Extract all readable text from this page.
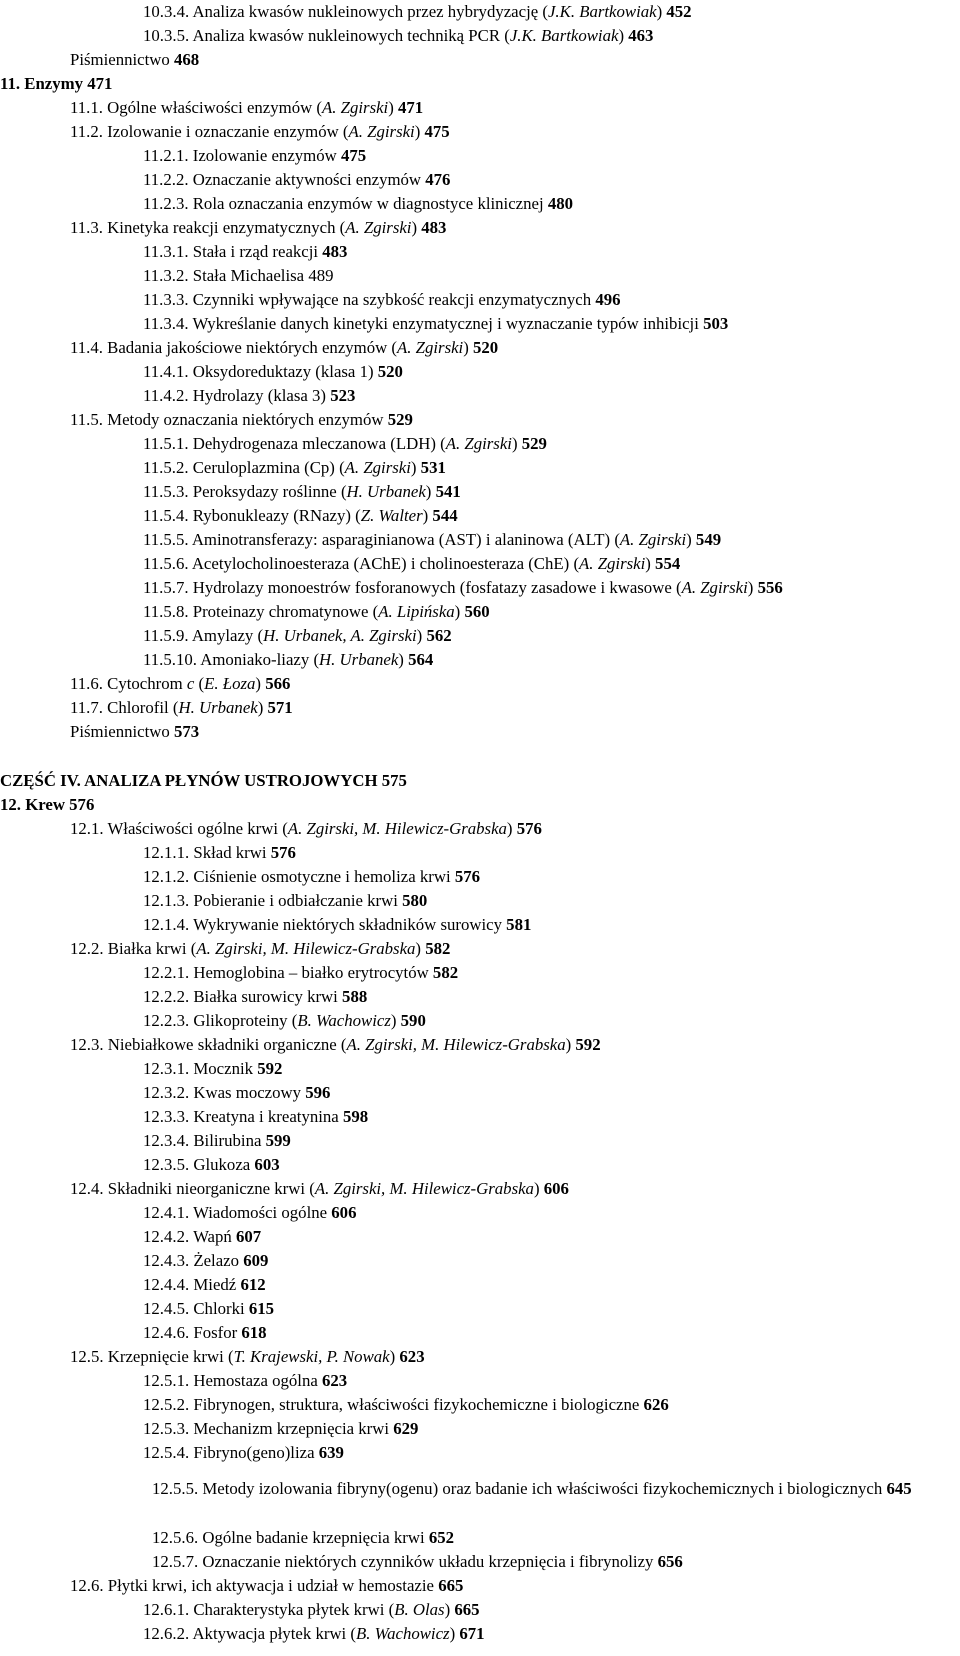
10.3.4. Analiza kwasów nukleinowych przez hybrydyzację (J.K. Bartkowiak) 452
10.3.5. Analiza kwasów nukleinowych techniką PCR (J.K. Bartkowiak) 463
Piśmiennictwo 468
11. Enzymy 471
11.1. Ogólne właściwości enzymów (A. Zgirski) 471
11.2. Izolowanie i oznaczanie enzymów (A. Zgirski) 475
11.2.1. Izolowanie enzymów 475
11.2.2. Oznaczanie aktywności enzymów 476
11.2.3. Rola oznaczania enzymów w diagnostyce klinicznej 480
11.3. Kinetyka reakcji enzymatycznych (A. Zgirski) 483
11.3.1. Stała i rząd reakcji 483
11.3.2. Stała Michaelisa 489
11.3.3. Czynniki wpływające na szybkość reakcji enzymatycznych 496
11.3.4. Wykreślanie danych kinetyki enzymatycznej i wyznaczanie typów inhibicji 503
11.4. Badania jakościowe niektórych enzymów (A. Zgirski) 520
11.4.1. Oksydoreduktazy (klasa 1) 520
11.4.2. Hydrolazy (klasa 3) 523
11.5. Metody oznaczania niektórych enzymów 529
11.5.1. Dehydrogenaza mleczanowa (LDH) (A. Zgirski) 529
11.5.2. Ceruloplazmina (Cp) (A. Zgirski) 531
11.5.3. Peroksydazy roślinne (H. Urbanek) 541
11.5.4. Rybonukleazy (RNazy) (Z. Walter) 544
11.5.5. Aminotransferazy: asparaginianowa (AST) i alaninowa (ALT) (A. Zgirski) 549
11.5.6. Acetylocholinoesteraza (AChE) i cholinoesteraza (ChE) (A. Zgirski) 554
11.5.7. Hydrolazy monoestrów fosforanowych (fosfatazy zasadowe i kwasowe (A. Zgirski) 556
11.5.8. Proteinazy chromatynowe (A. Lipińska) 560
11.5.9. Amylazy (H. Urbanek, A. Zgirski) 562
11.5.10. Amoniako-liazy (H. Urbanek) 564
11.6. Cytochrom c (E. Łoza) 566
11.7. Chlorofil (H. Urbanek) 571
Piśmiennictwo 573
CZĘŚĆ IV. ANALIZA PŁYNÓW USTROJOWYCH 575
12. Krew 576
12.1. Właściwości ogólne krwi (A. Zgirski, M. Hilewicz-Grabska) 576
12.1.1. Skład krwi 576
12.1.2. Ciśnienie osmotyczne i hemoliza krwi 576
12.1.3. Pobieranie i odbiałczanie krwi 580
12.1.4. Wykrywanie niektórych składników surowicy 581
12.2. Białka krwi (A. Zgirski, M. Hilewicz-Grabska) 582
12.2.1. Hemoglobina – białko erytrocytów 582
12.2.2. Białka surowicy krwi 588
12.2.3. Glikoproteiny (B. Wachowicz) 590
12.3. Niebiałkowe składniki organiczne (A. Zgirski, M. Hilewicz-Grabska) 592
12.3.1. Mocznik 592
12.3.2. Kwas moczowy 596
12.3.3. Kreatyna i kreatynina 598
12.3.4. Bilirubina 599
12.3.5. Glukoza 603
12.4. Składniki nieorganiczne krwi (A. Zgirski, M. Hilewicz-Grabska) 606
12.4.1. Wiadomości ogólne 606
12.4.2. Wapń 607
12.4.3. Żelazo 609
12.4.4. Miedź 612
12.4.5. Chlorki 615
12.4.6. Fosfor 618
12.5. Krzepnięcie krwi (T. Krajewski, P. Nowak) 623
12.5.1. Hemostaza ogólna 623
12.5.2. Fibrynogen, struktura, właściwości fizykochemiczne i biologiczne 626
12.5.3. Mechanizm krzepnięcia krwi 629
12.5.4. Fibryno(geno)liza 639
12.5.5. Metody izolowania fibryny(ogenu) oraz badanie ich właściwości fizykochemicznych i biologicznych 645
12.5.6. Ogólne badanie krzepnięcia krwi 652
12.5.7. Oznaczanie niektórych czynników układu krzepnięcia i fibrynolizy 656
12.6. Płytki krwi, ich aktywacja i udział w hemostazie 665
12.6.1. Charakterystyka płytek krwi (B. Olas) 665
12.6.2. Aktywacja płytek krwi (B. Wachowicz) 671
